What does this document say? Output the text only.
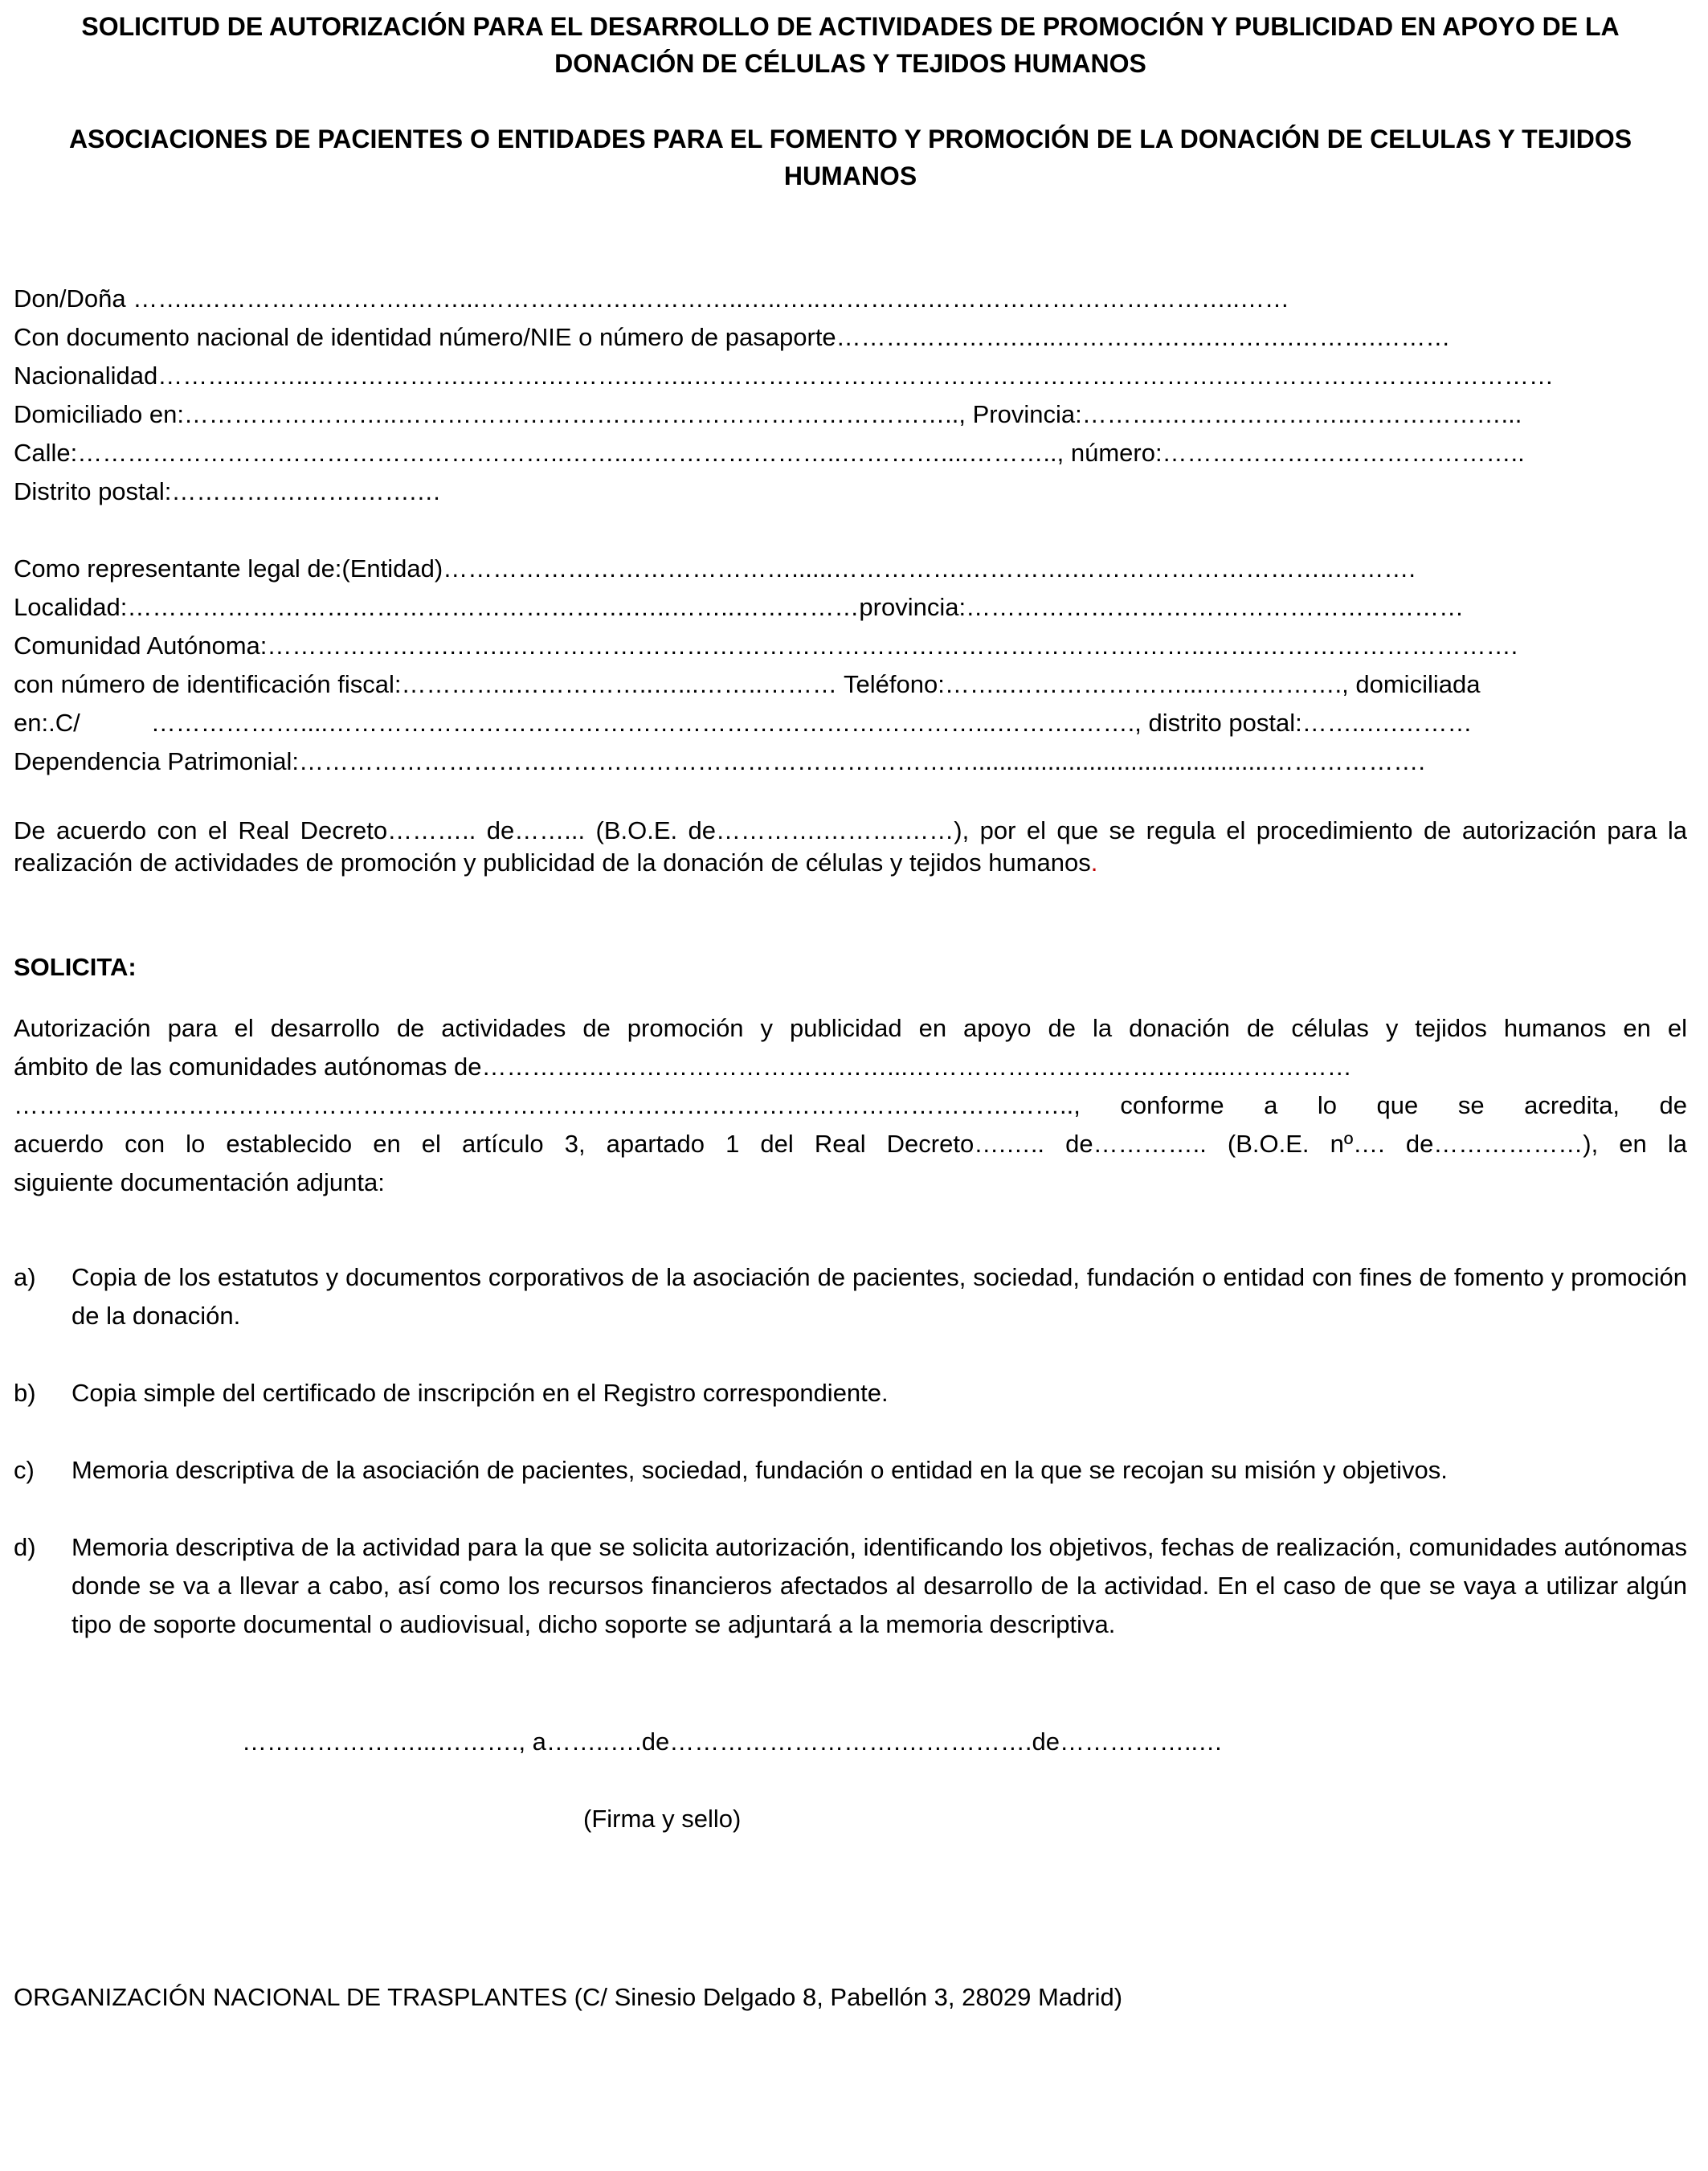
SOLICITUD DE AUTORIZACIÓN PARA EL DESARROLLO DE ACTIVIDADES DE PROMOCIÓN Y PUBLICIDAD EN APOYO DE LA DONACIÓN DE CÉLULAS Y TEJIDOS HUMANOS
ASOCIACIONES DE PACIENTES O ENTIDADES PARA EL FOMENTO Y PROMOCIÓN DE LA DONACIÓN DE CELULAS Y TEJIDOS HUMANOS
Don/Doña ……..…………….……….……...…………………………..…..…..………….………………………………..……
Con documento nacional de identidad número/NIE o número de pasaporte………………….…..……………….……….……….………
Nacionalidad………..……..……………….……….……….……..……………………………………………………….…………………….……………
Domiciliado en:……………………..………………………………………………………….., Provincia:……….…………………..………………...
Calle:…………………………………………………..……..……………………..…………....……….., número:……………………………………..
Distrito postal:…………….…….…….…
Como representante legal de:(Entidad)……………………………………......…………….………….…………………………..……….
Localidad:…………………………………………………….…..……..……………provincia:……………………………………………………
Comunidad Autónoma:………………….……..………………………………………………………………….……..…….………………………….
con número de identificación fiscal:…………..……………..…...……..……… Teléfono:……..…………………...….…………., domiciliada
en:.C/	………………....……………………………………………………………………...……….……., distrito postal:……..….………
Dependencia Patrimonial:………………………………………………………………………...........................................……………….
De acuerdo con el Real Decreto……….. de……... (B.O.E. de………….……….……), por el que se regula el procedimiento de autorización para la realización de actividades de promoción y publicidad de la donación de células y tejidos humanos.
SOLICITA:
Autorización para el desarrollo de actividades de promoción y publicidad en apoyo de la donación de células y tejidos humanos en el
ámbito de las comunidades autónomas de………….………………………………...………………………………...……………
……………………………………………………………………………………………………………….., conforme a lo que se acredita, de
acuerdo con lo establecido en el artículo 3, apartado 1 del Real Decreto….….. de………….. (B.O.E. nº…. de………………), en la
siguiente documentación adjunta:
a) Copia de los estatutos y documentos corporativos de la asociación de pacientes, sociedad, fundación o entidad con fines de fomento y promoción de la donación.
b) Copia simple del certificado de inscripción en el Registro correspondiente.
c) Memoria descriptiva de la asociación de pacientes, sociedad, fundación o entidad en la que se recojan su misión y objetivos.
d) Memoria descriptiva de la actividad para la que se solicita autorización, identificando los objetivos, fechas de realización, comunidades autónomas donde se va a llevar a cabo, así como los recursos financieros afectados al desarrollo de la actividad. En el caso de que se vaya a utilizar algún tipo de soporte documental o audiovisual, dicho soporte se adjuntará a la memoria descriptiva.
…………………...………., a……..….de……………………….…………….de……………..…
(Firma y sello)
ORGANIZACIÓN NACIONAL DE TRASPLANTES (C/ Sinesio Delgado 8, Pabellón 3, 28029 Madrid)
